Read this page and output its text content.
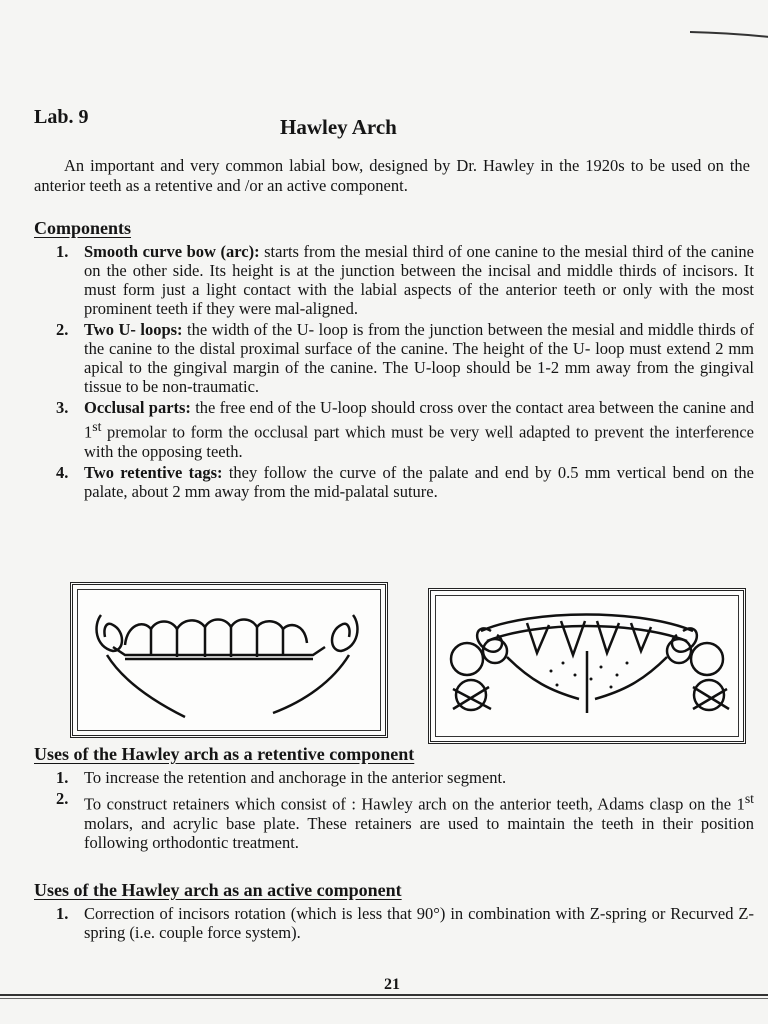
Lab. 9	Hawley Arch
An important and very common labial bow, designed by Dr. Hawley in the 1920s to be used on the anterior teeth as a retentive and /or an active component.
Components
1. Smooth curve bow (arc): starts from the mesial third of one canine to the mesial third of the canine on the other side. Its height is at the junction between the incisal and middle thirds of incisors. It must form just a light contact with the labial aspects of the anterior teeth or only with the most prominent teeth if they were mal-aligned.
2. Two U- loops: the width of the U- loop is from the junction between the mesial and middle thirds of the canine to the distal proximal surface of the canine. The height of the U- loop must extend 2 mm apical to the gingival margin of the canine. The U-loop should be 1-2 mm away from the gingival tissue to be non-traumatic.
3. Occlusal parts: the free end of the U-loop should cross over the contact area between the canine and 1st premolar to form the occlusal part which must be very well adapted to prevent the interference with the opposing teeth.
4. Two retentive tags: they follow the curve of the palate and end by 0.5 mm vertical bend on the palate, about 2 mm away from the mid-palatal suture.
Uses of the Hawley arch as a retentive component
1. To increase the retention and anchorage in the anterior segment.
2. To construct retainers which consist of : Hawley arch on the anterior teeth, Adams clasp on the 1st molars, and acrylic base plate. These retainers are used to maintain the teeth in their position following orthodontic treatment.
Uses of the Hawley arch as an active component
1. Correction of incisors rotation (which is less that 90°) in combination with Z-spring or Recurved Z- spring (i.e. couple force system).
21
